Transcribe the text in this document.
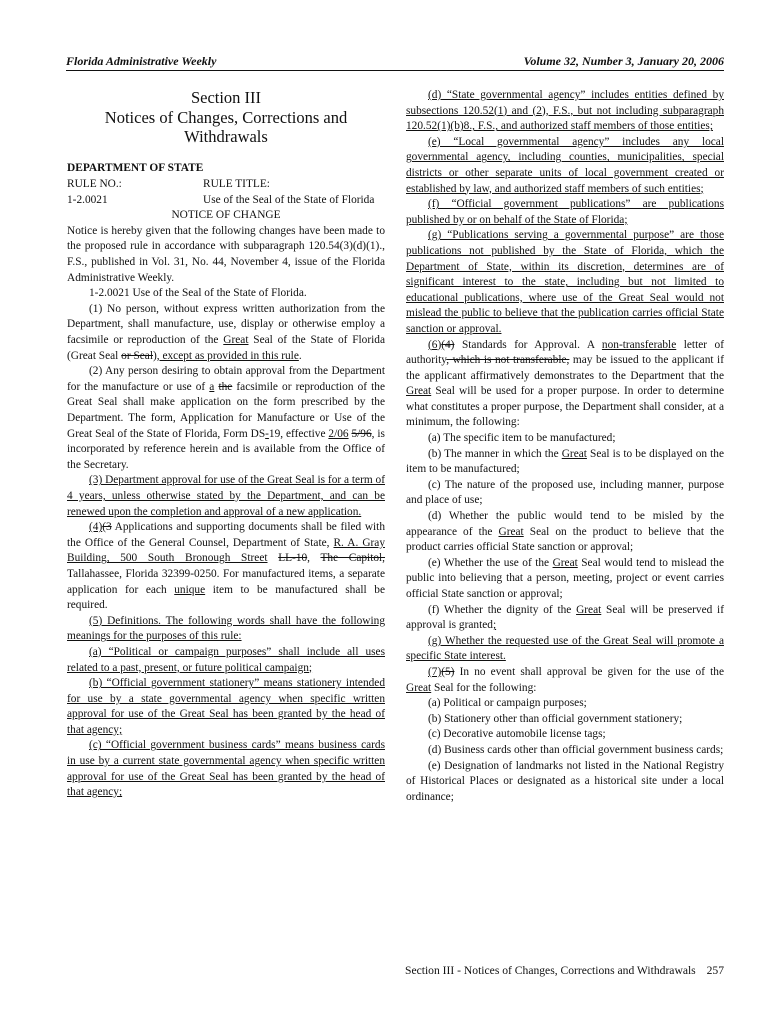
Florida Administrative Weekly	Volume 32, Number 3, January 20, 2006
Section III
Notices of Changes, Corrections and Withdrawals
DEPARTMENT OF STATE
RULE NO.:	RULE TITLE:
1-2.0021	Use of the Seal of the State of Florida
NOTICE OF CHANGE
Notice is hereby given that the following changes have been made to the proposed rule in accordance with subparagraph 120.54(3)(d)(1)., F.S., published in Vol. 31, No. 44, November 4, issue of the Florida Administrative Weekly.
1-2.0021 Use of the Seal of the State of Florida.
(1) No person, without express written authorization from the Department, shall manufacture, use, display or otherwise employ a facsimile or reproduction of the Great Seal of the State of Florida (Great Seal or Seal), except as provided in this rule.
(2) Any person desiring to obtain approval from the Department for the manufacture or use of a the facsimile or reproduction of the Great Seal shall make application on the form prescribed by the Department. The form, Application for Manufacture or Use of the Great Seal of the State of Florida, Form DS-19, effective 2/06 5/96, is incorporated by reference herein and is available from the Office of the Secretary.
(3) Department approval for use of the Great Seal is for a term of 4 years, unless otherwise stated by the Department, and can be renewed upon the completion and approval of a new application.
(4)(3 Applications and supporting documents shall be filed with the Office of the General Counsel, Department of State, R. A. Gray Building, 500 South Bronough Street LL-10, The Capitol, Tallahassee, Florida 32399-0250. For manufactured items, a separate application for each unique item to be manufactured shall be required.
(5) Definitions. The following words shall have the following meanings for the purposes of this rule:
(a) “Political or campaign purposes” shall include all uses related to a past, present, or future political campaign;
(b) “Official government stationery” means stationery intended for use by a state governmental agency when specific written approval for use of the Great Seal has been granted by the head of that agency;
(c) “Official government business cards” means business cards in use by a current state governmental agency when specific written approval for use of the Great Seal has been granted by the head of that agency;
(d) “State governmental agency” includes entities defined by subsections 120.52(1) and (2), F.S., but not including subparagraph 120.52(1)(b)8., F.S., and authorized staff members of those entities;
(e) “Local governmental agency” includes any local governmental agency, including counties, municipalities, special districts or other separate units of local government created or established by law, and authorized staff members of such entities;
(f) “Official government publications” are publications published by or on behalf of the State of Florida;
(g) “Publications serving a governmental purpose” are those publications not published by the State of Florida, which the Department of State, within its discretion, determines are of significant interest to the state, including but not limited to educational publications, where use of the Great Seal would not mislead the public to believe that the publication carries official State sanction or approval.
(6)(4) Standards for Approval. A non-transferable letter of authority, which is not transferable, may be issued to the applicant if the applicant affirmatively demonstrates to the Department that the Great Seal will be used for a proper purpose. In order to determine what constitutes a proper purpose, the Department shall consider, at a minimum, the following:
(a) The specific item to be manufactured;
(b) The manner in which the Great Seal is to be displayed on the item to be manufactured;
(c) The nature of the proposed use, including manner, purpose and place of use;
(d) Whether the public would tend to be misled by the appearance of the Great Seal on the product to believe that the product carries official State sanction or approval;
(e) Whether the use of the Great Seal would tend to mislead the public into believing that a person, meeting, project or event carries official State sanction or approval;
(f) Whether the dignity of the Great Seal will be preserved if approval is granted;
(g) Whether the requested use of the Great Seal will promote a specific State interest.
(7)(5) In no event shall approval be given for the use of the Great Seal for the following:
(a) Political or campaign purposes;
(b) Stationery other than official government stationery;
(c) Decorative automobile license tags;
(d) Business cards other than official government business cards;
(e) Designation of landmarks not listed in the National Registry of Historical Places or designated as a historical site under a local ordinance;
Section III - Notices of Changes, Corrections and Withdrawals 257
